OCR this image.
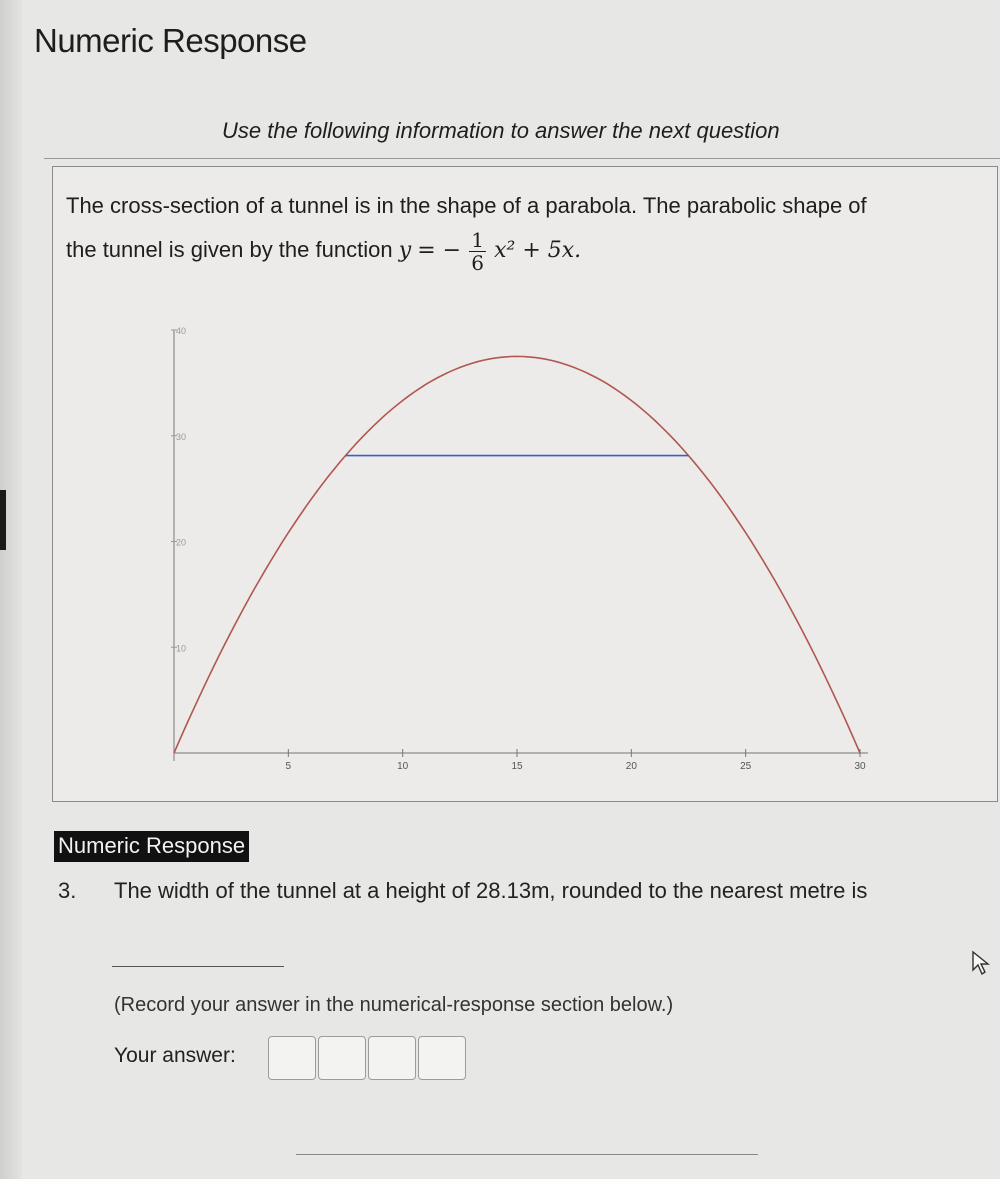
Numeric Response
Use the following information to answer the next question
The cross-section of a tunnel is in the shape of a parabola. The parabolic shape of
the tunnel is given by the function y = − $\frac{1}{6} x^2 + 5x$.
5	10	15	20	25	30
10
20
30
40
Numeric Response
3. The width of the tunnel at a height of 28.13m, rounded to the nearest metre is
(Record your answer in the numerical-response section below.)
Your answer:
